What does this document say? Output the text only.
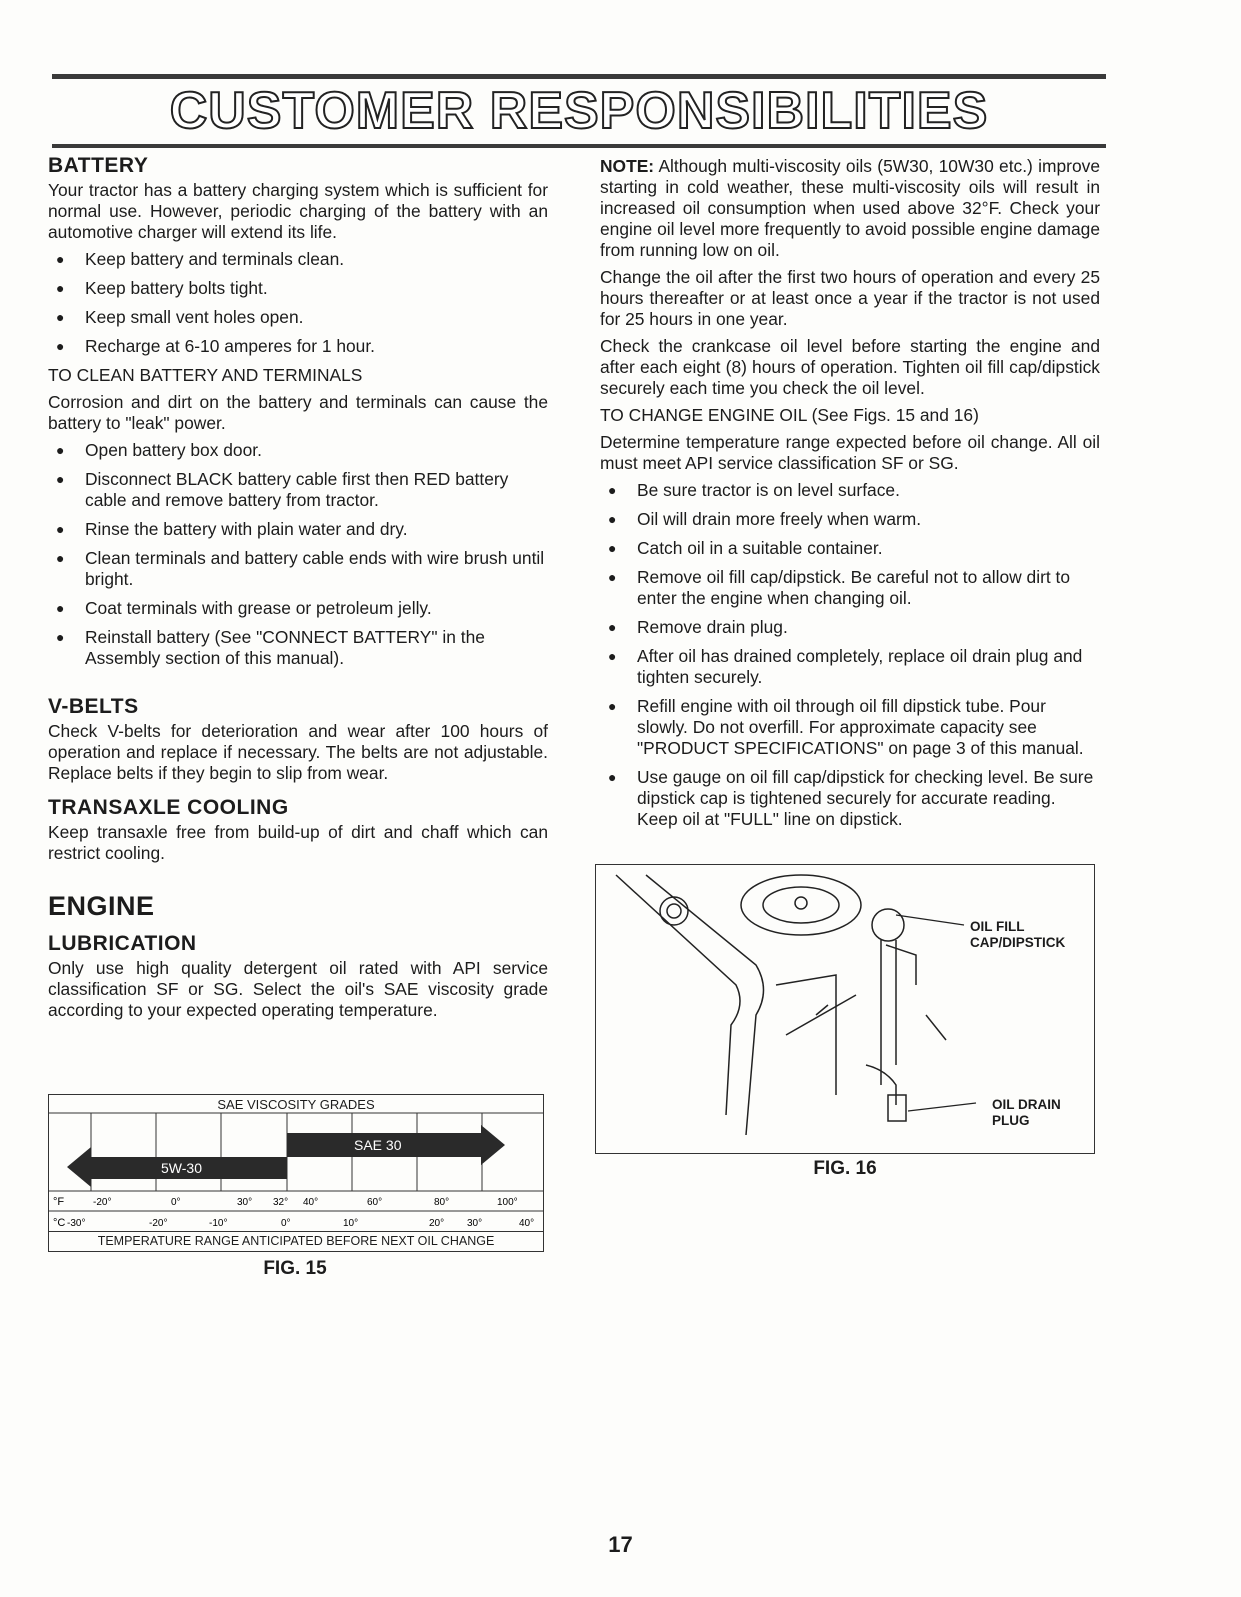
CUSTOMER RESPONSIBILITIES
BATTERY

Your tractor has a battery charging system which is sufficient for normal use. However, periodic charging of the battery with an automotive charger will extend its life.

● Keep battery and terminals clean.
● Keep battery bolts tight.
● Keep small vent holes open.
● Recharge at 6-10 amperes for 1 hour.

TO CLEAN BATTERY AND TERMINALS

Corrosion and dirt on the battery and terminals can cause the battery to "leak" power.

● Open battery box door.
● Disconnect BLACK battery cable first then RED battery cable and remove battery from tractor.
● Rinse the battery with plain water and dry.
● Clean terminals and battery cable ends with wire brush until bright.
● Coat terminals with grease or petroleum jelly.
● Reinstall battery (See "CONNECT BATTERY" in the Assembly section of this manual).
V-BELTS

Check V-belts for deterioration and wear after 100 hours of operation and replace if necessary. The belts are not adjustable. Replace belts if they begin to slip from wear.

TRANSAXLE COOLING

Keep transaxle free from build-up of dirt and chaff which can restrict cooling.

ENGINE
LUBRICATION

Only use high quality detergent oil rated with API service classification SF or SG. Select the oil's SAE viscosity grade according to your expected operating temperature.

SAE VISCOSITY GRADES
SAE 30
5W-30
°F	-20°	0°	30° 32° 40°	60°	80°	100°
°C -30°	-20°	-10°	0°	10°	20° 30°	40°
TEMPERATURE RANGE ANTICIPATED BEFORE NEXT OIL CHANGE
FIG. 15

NOTE: Although multi-viscosity oils (5W30, 10W30 etc.) improve starting in cold weather, these multi-viscosity oils will result in increased oil consumption when used above 32°F. Check your engine oil level more frequently to avoid possible engine damage from running low on oil.

Change the oil after the first two hours of operation and every 25 hours thereafter or at least once a year if the tractor is not used for 25 hours in one year.

Check the crankcase oil level before starting the engine and after each eight (8) hours of operation. Tighten oil fill cap/dipstick securely each time you check the oil level.

TO CHANGE ENGINE OIL (See Figs. 15 and 16)

Determine temperature range expected before oil change. All oil must meet API service classification SF or SG.

● Be sure tractor is on level surface.
● Oil will drain more freely when warm.
● Catch oil in a suitable container.
● Remove oil fill cap/dipstick. Be careful not to allow dirt to enter the engine when changing oil.
● Remove drain plug.
● After oil has drained completely, replace oil drain plug and tighten securely.
● Refill engine with oil through oil fill dipstick tube. Pour slowly. Do not overfill. For approximate capacity see "PRODUCT SPECIFICATIONS" on page 3 of this manual.
● Use gauge on oil fill cap/dipstick for checking level. Be sure dipstick cap is tightened securely for accurate reading. Keep oil at "FULL" line on dipstick.
OIL FILL
CAP/DIPSTICK
OIL DRAIN
PLUG
FIG. 16
17
